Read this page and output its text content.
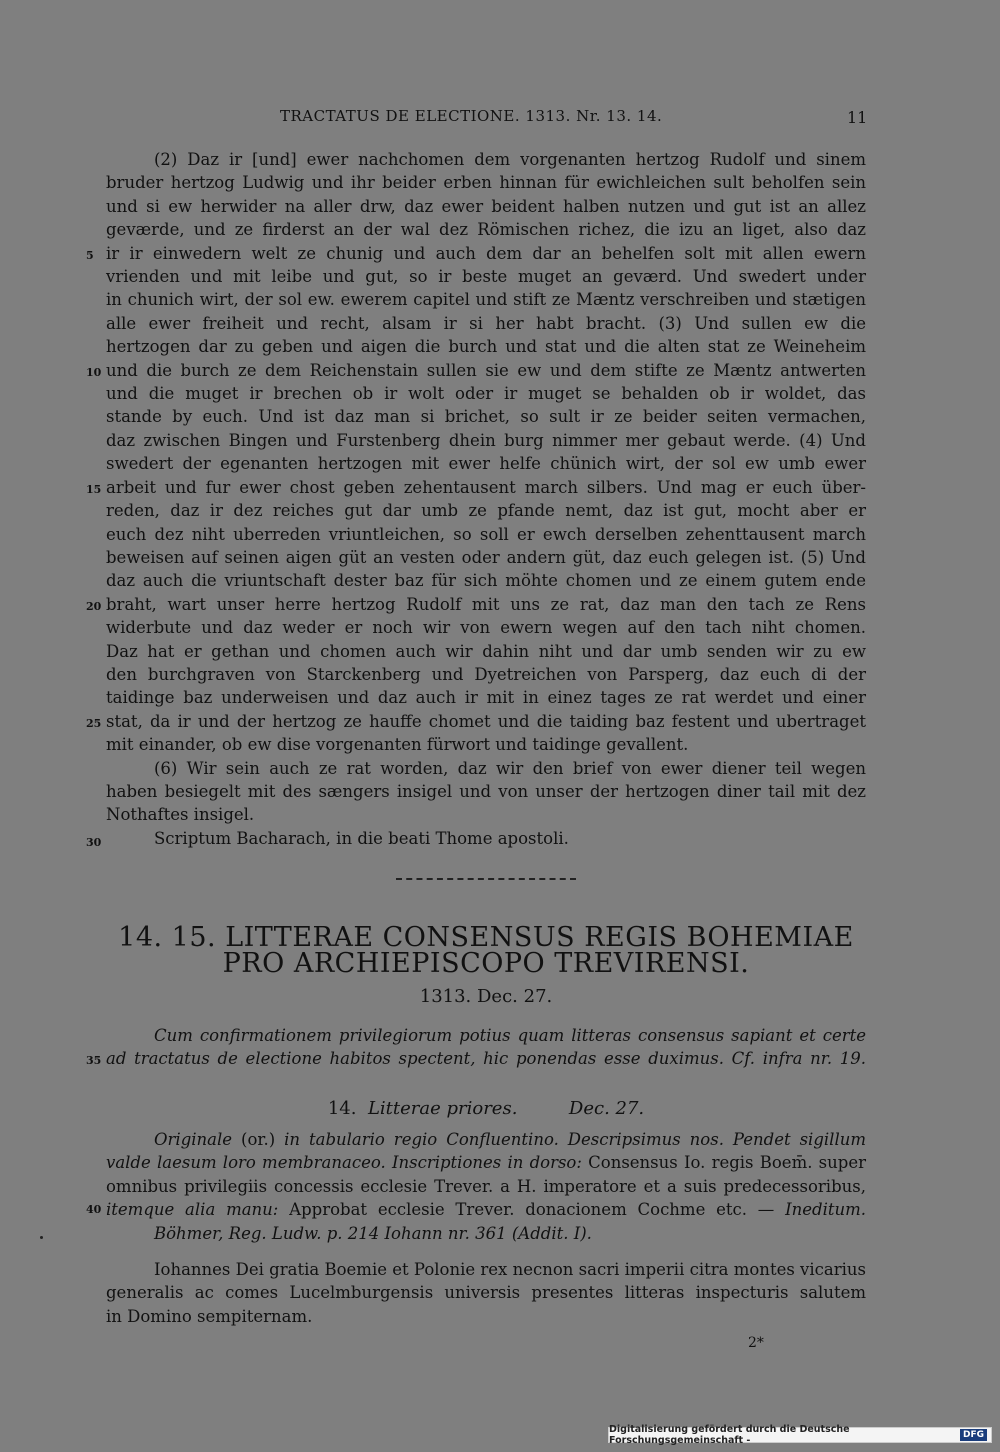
TRACTATUS DE ELECTIONE. 1313. Nr. 13. 14.	11
(2) Daz ir [und] ewer nachchomen dem vorgenanten hertzog Rudolf und sinem
bruder hertzog Ludwig und ihr beider erben hinnan für ewichleichen sult beholfen sein
und si ew herwider na aller drw, daz ewer beident halben nutzen und gut ist an allez
geværde, und ze firderst an der wal dez Römischen richez, die izu an liget, also daz
ir ir einwedern welt ze chunig und auch dem dar an behelfen solt mit allen ewern
vrienden und mit leibe und gut, so ir beste muget an geværd. Und swedert under
in chunich wirt, der sol ew. ewerem capitel und stift ze Mæntz verschreiben und stætigen
alle ewer freiheit und recht, alsam ir si her habt bracht. (3) Und sullen ew die
hertzogen dar zu geben und aigen die burch und stat und die alten stat ze Weineheim
und die burch ze dem Reichenstain sullen sie ew und dem stifte ze Mæntz antwerten
und die muget ir brechen ob ir wolt oder ir muget se behalden ob ir woldet, das
stande by euch. Und ist daz man si brichet, so sult ir ze beider seiten vermachen,
daz zwischen Bingen und Furstenberg dhein burg nimmer mer gebaut werde. (4) Und
swedert der egenanten hertzogen mit ewer helfe chünich wirt, der sol ew umb ewer
arbeit und fur ewer chost geben zehentausent march silbers. Und mag er euch über-
reden, daz ir dez reiches gut dar umb ze pfande nemt, daz ist gut, mocht aber er
euch dez niht uberreden vriuntleichen, so soll er ewch derselben zehenttausent march
beweisen auf seinen aigen güt an vesten oder andern güt, daz euch gelegen ist. (5) Und
daz auch die vriuntschaft dester baz für sich möhte chomen und ze einem gutem ende
braht, wart unser herre hertzog Rudolf mit uns ze rat, daz man den tach ze Rens
widerbute und daz weder er noch wir von ewern wegen auf den tach niht chomen.
Daz hat er gethan und chomen auch wir dahin niht und dar umb senden wir zu ew
den burchgraven von Starckenberg und Dyetreichen von Parsperg, daz euch di der
taidinge baz underweisen und daz auch ir mit in einez tages ze rat werdet und einer
stat, da ir und der hertzog ze hauffe chomet und die taiding baz festent und ubertraget
mit einander, ob ew dise vorgenanten fürwort und taidinge gevallent.
(6) Wir sein auch ze rat worden, daz wir den brief von ewer diener teil wegen
haben besiegelt mit des sængers insigel und von unser der hertzogen diner tail mit dez
Nothaftes insigel.
Scriptum Bacharach, in die beati Thome apostoli.
5
10
15
20
25
30
35
40
14. 15. LITTERAE CONSENSUS REGIS BOHEMIAE
PRO ARCHIEPISCOPO TREVIRENSI.
1313. Dec. 27.
Cum confirmationem privilegiorum potius quam litteras consensus sapiant et certe
ad tractatus de electione habitos spectent, hic ponendas esse duximus. Cf. infra nr. 19.
14. Litterae priores.	Dec. 27.
Originale (or.) in tabulario regio Confluentino. Descripsimus nos. Pendet sigillum
valde laesum loro membranaceo. Inscriptiones in dorso: Consensus Io. regis Boem̄. super
omnibus privilegiis concessis ecclesie Trever. a H. imperatore et a suis predecessoribus,
itemque alia manu: Approbat ecclesie Trever. donacionem Cochme etc. — Ineditum.
Böhmer, Reg. Ludw. p. 214 Iohann nr. 361 (Addit. I).
Iohannes Dei gratia Boemie et Polonie rex necnon sacri imperii citra montes vicarius
generalis ac comes Lucelmburgensis universis presentes litteras inspecturis salutem
in Domino sempiternam.
2*
Digitalisierung gefördert durch die Deutsche Forschungsgemeinschaft -	DFG
